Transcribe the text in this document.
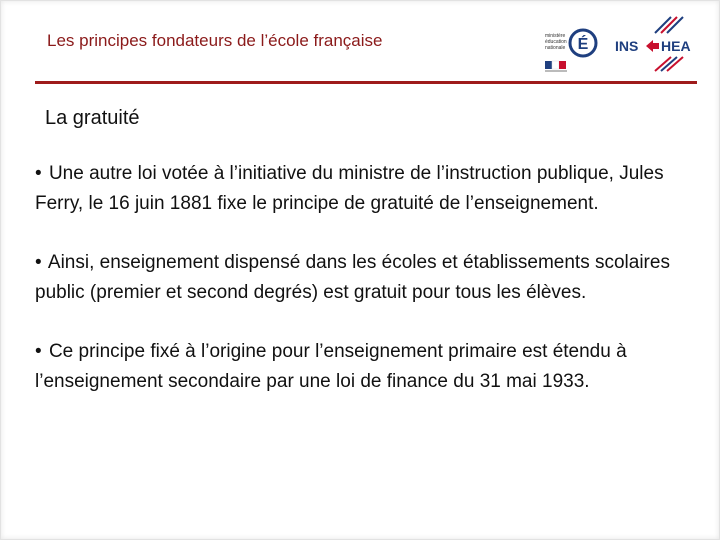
Les principes fondateurs de l’école française	ministère
éducation
nationale É INS HEA
La gratuité

• Une autre loi votée à l’initiative du ministre de l’instruction publique, Jules Ferry, le 16 juin 1881 fixe le principe de gratuité de l’enseignement.

• Ainsi, enseignement dispensé dans les écoles et établissements scolaires public (premier et second degrés) est gratuit pour tous les élèves.

• Ce principe fixé à l’origine pour l’enseignement primaire est étendu à l’enseignement secondaire par une loi de finance du 31 mai 1933.
